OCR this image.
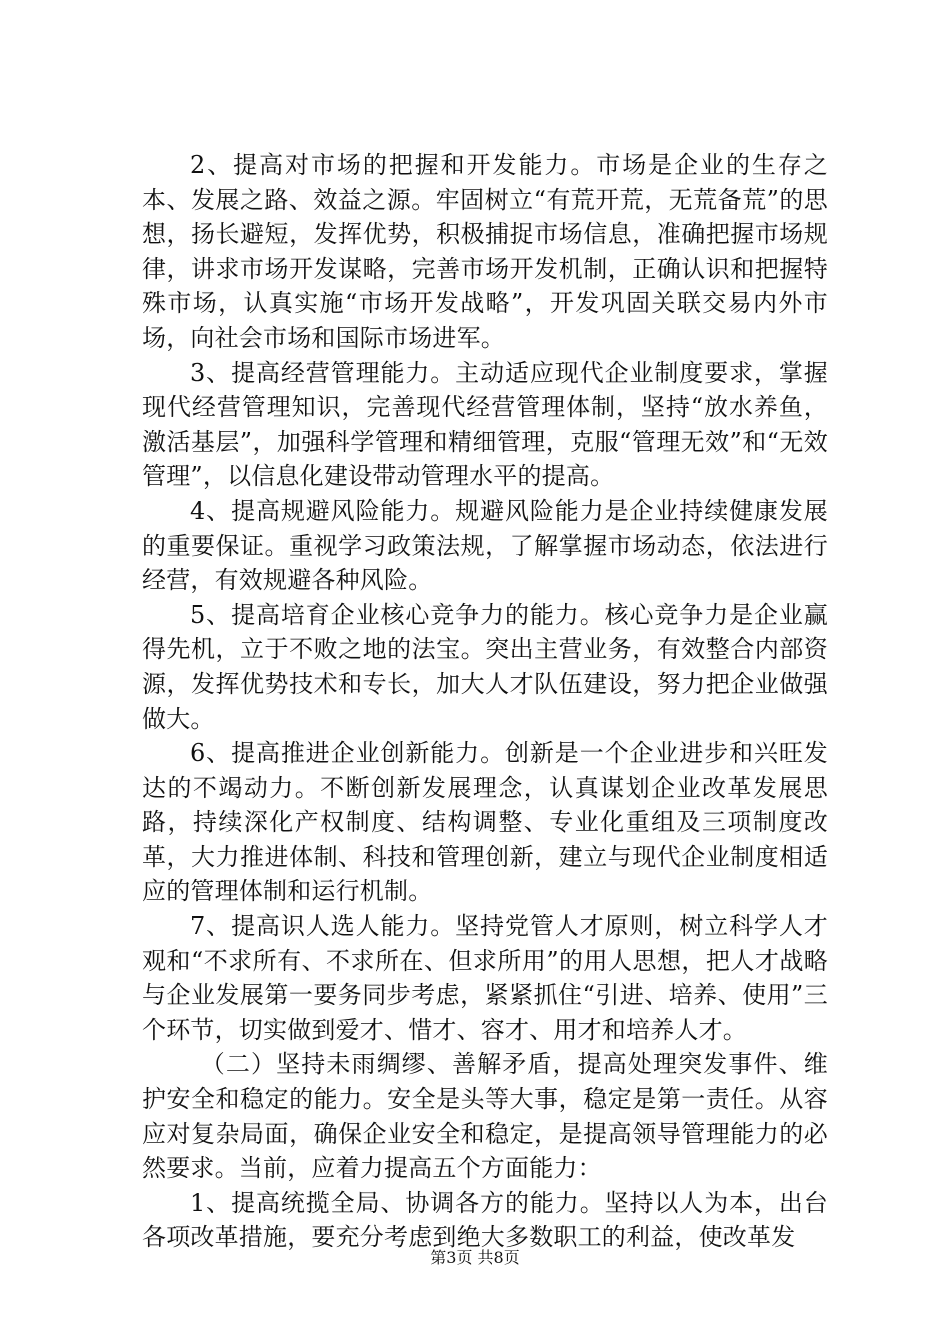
2、提高对市场的把握和开发能力。市场是企业的生存之本、发展之路、效益之源。牢固树立“有荒开荒，无荒备荒”的思想，扬长避短，发挥优势，积极捕捉市场信息，准确把握市场规律，讲求市场开发谋略，完善市场开发机制，正确认识和把握特殊市场，认真实施“市场开发战略”，开发巩固关联交易内外市场，向社会市场和国际市场进军。

3、提高经营管理能力。主动适应现代企业制度要求，掌握现代经营管理知识，完善现代经营管理体制，坚持“放水养鱼，激活基层”，加强科学管理和精细管理，克服“管理无效”和“无效管理”，以信息化建设带动管理水平的提高。

4、提高规避风险能力。规避风险能力是企业持续健康发展的重要保证。重视学习政策法规，了解掌握市场动态，依法进行经营，有效规避各种风险。

5、提高培育企业核心竞争力的能力。核心竞争力是企业赢得先机，立于不败之地的法宝。突出主营业务，有效整合内部资源，发挥优势技术和专长，加大人才队伍建设，努力把企业做强做大。

6、提高推进企业创新能力。创新是一个企业进步和兴旺发达的不竭动力。不断创新发展理念，认真谋划企业改革发展思路，持续深化产权制度、结构调整、专业化重组及三项制度改革，大力推进体制、科技和管理创新，建立与现代企业制度相适应的管理体制和运行机制。

7、提高识人选人能力。坚持党管人才原则，树立科学人才观和“不求所有、不求所在、但求所用”的用人思想，把人才战略与企业发展第一要务同步考虑，紧紧抓住“引进、培养、使用”三个环节，切实做到爱才、惜才、容才、用才和培养人才。

（二）坚持未雨绸缪、善解矛盾，提高处理突发事件、维护安全和稳定的能力。安全是头等大事，稳定是第一责任。从容应对复杂局面，确保企业安全和稳定，是提高领导管理能力的必然要求。当前，应着力提高五个方面能力：

1、提高统揽全局、协调各方的能力。坚持以人为本，出台各项改革措施，要充分考虑到绝大多数职工的利益，使改革发

第3页 共8页
